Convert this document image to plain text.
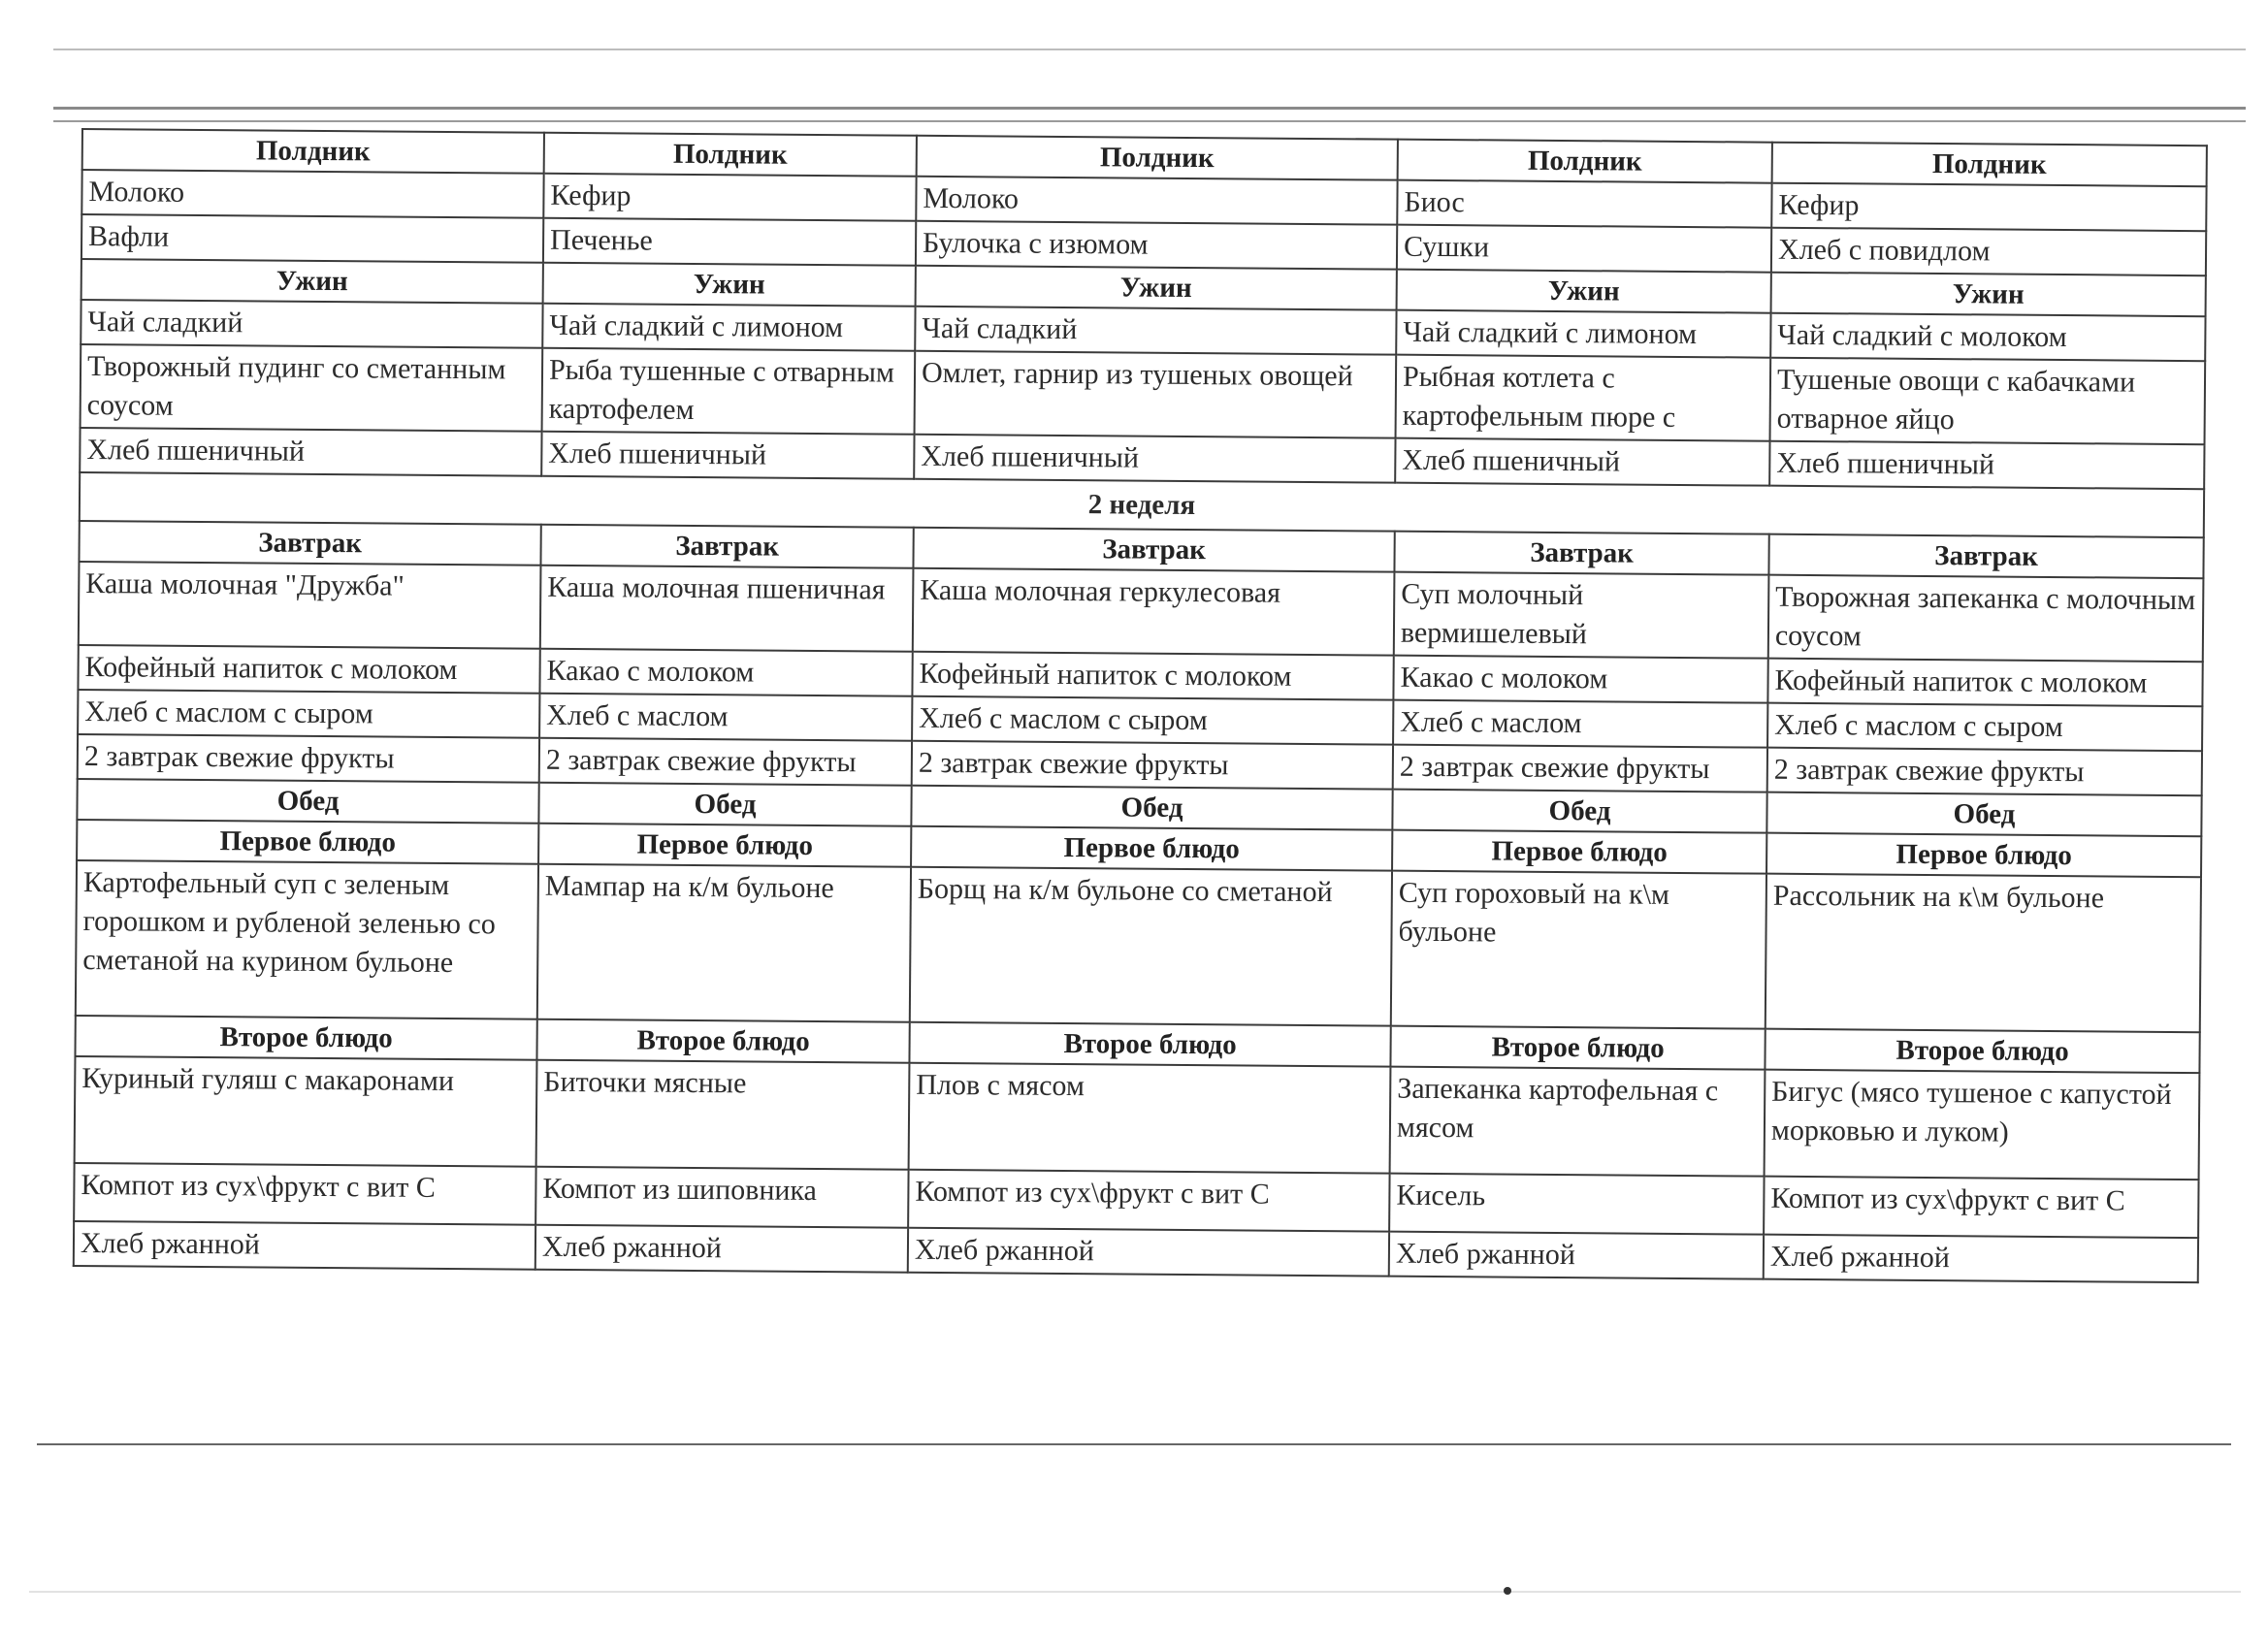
Полдник	Полдник	Полдник	Полдник	Полдник
Молоко	Кефир	Молоко	Биос	Кефир
Вафли	Печенье	Булочка с изюмом	Сушки	Хлеб с повидлом
Ужин	Ужин	Ужин	Ужин	Ужин
Чай сладкий	Чай сладкий с лимоном	Чай сладкий	Чай сладкий с лимоном	Чай сладкий с молоком
Творожный пудинг со сметанным соусом	Рыба тушенные с отварным картофелем	Омлет, гарнир из тушеных овощей	Рыбная котлета с картофельным пюре с	Тушеные овощи с кабачками отварное яйцо
Хлеб пшеничный	Хлеб пшеничный	Хлеб пшеничный	Хлеб пшеничный	Хлеб пшеничный
2 неделя				
Завтрак	Завтрак	Завтрак	Завтрак	Завтрак
Каша молочная "Дружба"	Каша молочная пшеничная	Каша молочная геркулесовая	Суп молочный вермишелевый	Творожная запеканка с молочным соусом
Кофейный напиток с молоком	Какао с молоком	Кофейный напиток с молоком	Какао с молоком	Кофейный напиток с молоком
Хлеб с маслом с сыром	Хлеб с маслом	Хлеб с маслом с сыром	Хлеб с маслом	Хлеб с маслом с сыром
2 завтрак свежие фрукты	2 завтрак свежие фрукты	2 завтрак свежие фрукты	2 завтрак свежие фрукты	2 завтрак свежие фрукты
Обед	Обед	Обед	Обед	Обед
Первое блюдо	Первое блюдо	Первое блюдо	Первое блюдо	Первое блюдо
Картофельный суп с зеленым горошком и рубленой зеленью со сметаной на курином бульоне	Мампар на к/м бульоне	Борщ на к/м бульоне со сметаной	Суп гороховый на к\м бульоне	Рассольник на к\м бульоне
Второе блюдо	Второе блюдо	Второе блюдо	Второе блюдо	Второе блюдо
Куриный гуляш с макаронами	Биточки мясные	Плов с мясом	Запеканка картофельная с мясом	Бигус (мясо тушеное с капустой морковью и луком)
Компот из сух\фрукт с вит С	Компот из шиповника	Компот из сух\фрукт с вит С	Кисель	Компот из сух\фрукт с вит С
Хлеб ржанной	Хлеб ржанной	Хлеб ржанной	Хлеб ржанной	Хлеб ржанной
